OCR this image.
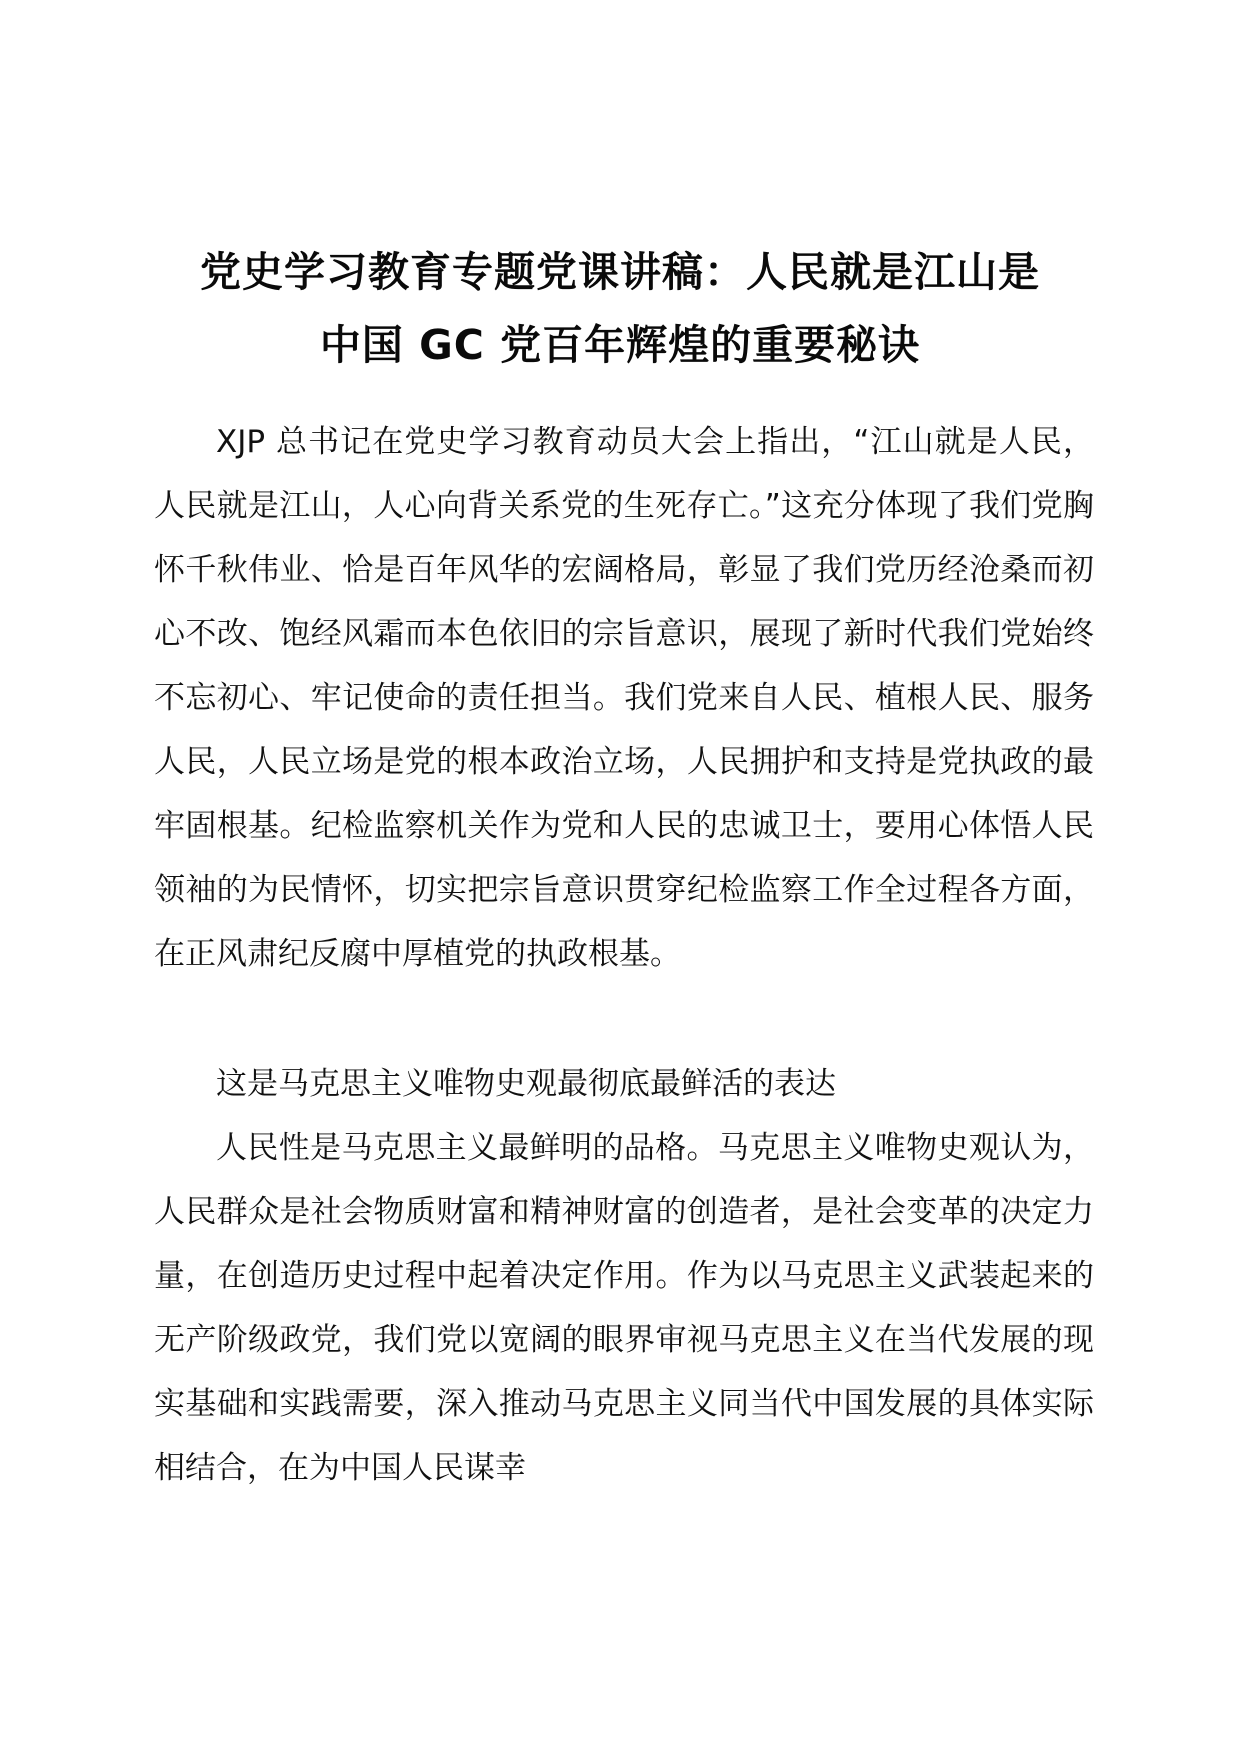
党史学习教育专题党课讲稿：人民就是江山是
中国 GC 党百年辉煌的重要秘诀

XJP 总书记在党史学习教育动员大会上指出，“江山就是人民，人民就是江山，人心向背关系党的生死存亡。”这充分体现了我们党胸怀千秋伟业、恰是百年风华的宏阔格局，彰显了我们党历经沧桑而初心不改、饱经风霜而本色依旧的宗旨意识，展现了新时代我们党始终不忘初心、牢记使命的责任担当。我们党来自人民、植根人民、服务人民，人民立场是党的根本政治立场，人民拥护和支持是党执政的最牢固根基。纪检监察机关作为党和人民的忠诚卫士，要用心体悟人民领袖的为民情怀，切实把宗旨意识贯穿纪检监察工作全过程各方面，在正风肃纪反腐中厚植党的执政根基。

这是马克思主义唯物史观最彻底最鲜活的表达

人民性是马克思主义最鲜明的品格。马克思主义唯物史观认为，人民群众是社会物质财富和精神财富的创造者，是社会变革的决定力量，在创造历史过程中起着决定作用。作为以马克思主义武装起来的无产阶级政党，我们党以宽阔的眼界审视马克思主义在当代发展的现实基础和实践需要，深入推动马克思主义同当代中国发展的具体实际相结合，在为中国人民谋幸
